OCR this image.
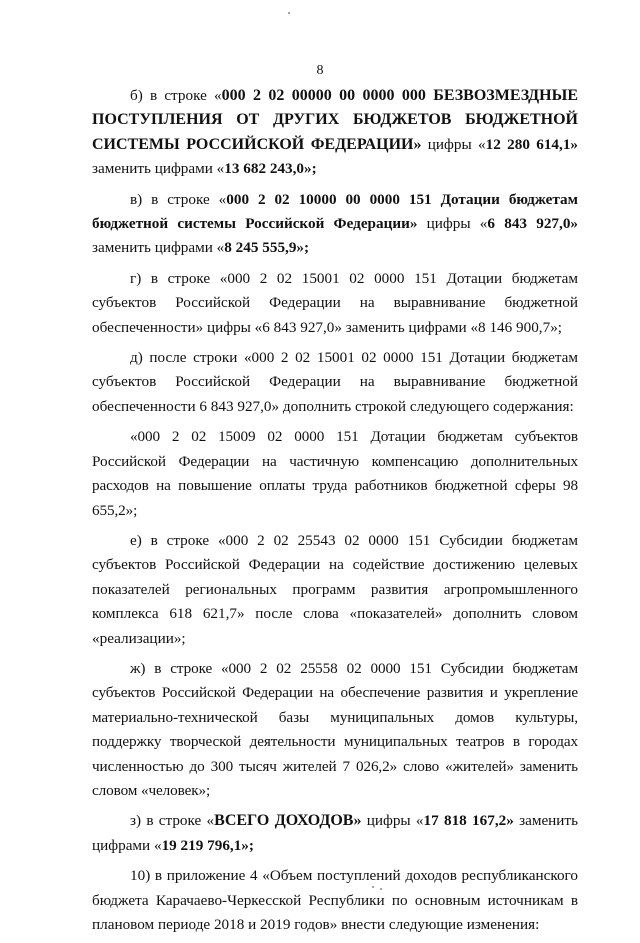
8

б) в строке «000 2 02 00000 00 0000 000 БЕЗВОЗМЕЗДНЫЕ ПОСТУПЛЕНИЯ ОТ ДРУГИХ БЮДЖЕТОВ БЮДЖЕТНОЙ СИСТЕМЫ РОССИЙСКОЙ ФЕДЕРАЦИИ» цифры «12 280 614,1» заменить цифрами «13 682 243,0»;

в) в строке «000 2 02 10000 00 0000 151 Дотации бюджетам бюджетной системы Российской Федерации» цифры «6 843 927,0» заменить цифрами «8 245 555,9»;

г) в строке «000 2 02 15001 02 0000 151 Дотации бюджетам субъектов Российской Федерации на выравнивание бюджетной обеспеченности» цифры «6 843 927,0» заменить цифрами «8 146 900,7»;

д) после строки «000 2 02 15001 02 0000 151 Дотации бюджетам субъектов Российской Федерации на выравнивание бюджетной обеспеченности 6 843 927,0» дополнить строкой следующего содержания:

«000 2 02 15009 02 0000 151 Дотации бюджетам субъектов Российской Федерации на частичную компенсацию дополнительных расходов на повышение оплаты труда работников бюджетной сферы 98 655,2»;

е) в строке «000 2 02 25543 02 0000 151 Субсидии бюджетам субъектов Российской Федерации на содействие достижению целевых показателей региональных программ развития агропромышленного комплекса 618 621,7» после слова «показателей» дополнить словом «реализации»;

ж) в строке «000 2 02 25558 02 0000 151 Субсидии бюджетам субъектов Российской Федерации на обеспечение развития и укрепление материально-технической базы муниципальных домов культуры, поддержку творческой деятельности муниципальных театров в городах численностью до 300 тысяч жителей 7 026,2» слово «жителей» заменить словом «человек»;

з) в строке «ВСЕГО ДОХОДОВ» цифры «17 818 167,2» заменить цифрами «19 219 796,1»;

10) в приложение 4 «Объем поступлений доходов республиканского бюджета Карачаево-Черкесской Республики по основным источникам в плановом периоде 2018 и 2019 годов» внести следующие изменения:
